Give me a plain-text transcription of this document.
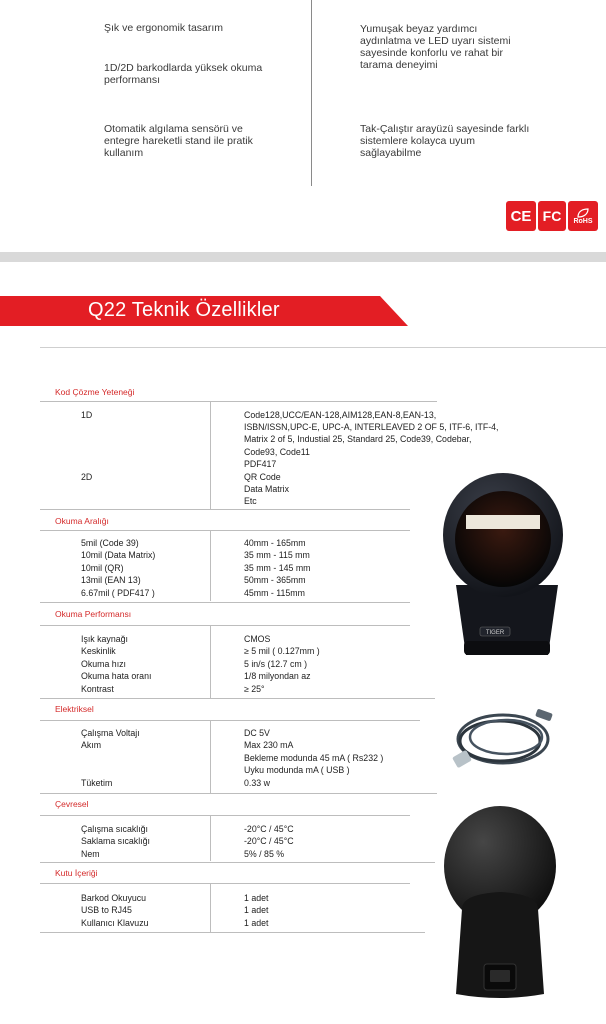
Şık ve ergonomik tasarım
1D/2D barkodlarda yüksek okuma performansı
Otomatik algılama sensörü ve entegre hareketli stand ile pratik kullanım
Yumuşak beyaz yardımcı aydınlatma ve LED uyarı sistemi sayesinde konforlu ve rahat bir tarama deneyimi
Tak-Çalıştır arayüzü sayesinde farklı sistemlere kolayca uyum sağlayabilme
CE FC RoHS
Q22 Teknik Özellikler
Kod Çözme Yeteneği
1D	Code128,UCC/EAN-128,AIM128,EAN-8,EAN-13,
ISBN/ISSN,UPC-E, UPC-A, INTERLEAVED 2 OF 5, ITF-6, ITF-4,
Matrix 2 of 5, Industial 25, Standard 25, Code39, Codebar,
Code93, Code11
PDF417
2D	QR Code
Data Matrix
Etc
Okuma Aralığı
5mil (Code 39)	40mm - 165mm
10mil (Data Matrix)	35 mm - 115 mm
10mil (QR)	35 mm - 145 mm
13mil (EAN 13)	50mm - 365mm
6.67mil ( PDF417 )	45mm - 115mm
Okuma Performansı
Işık kaynağı	CMOS
Keskinlik	≥ 5 mil ( 0.127mm )
Okuma hızı	5 in/s (12.7 cm )
Okuma hata oranı	1/8 milyondan az
Kontrast	≥ 25°
Elektriksel
Çalışma Voltajı	DC 5V
Akım	Max 230 mA
Bekleme modunda 45 mA ( Rs232 )
Uyku modunda mA ( USB )
Tüketim	0.33 w
Çevresel
Çalışma sıcaklığı	-20°C / 45°C
Saklama sıcaklığı	-20°C / 45°C
Nem	5% / 85 %
Kutu İçeriği
Barkod Okuyucu	1 adet
USB to RJ45	1 adet
Kullanıcı Klavuzu	1 adet
TIGER
